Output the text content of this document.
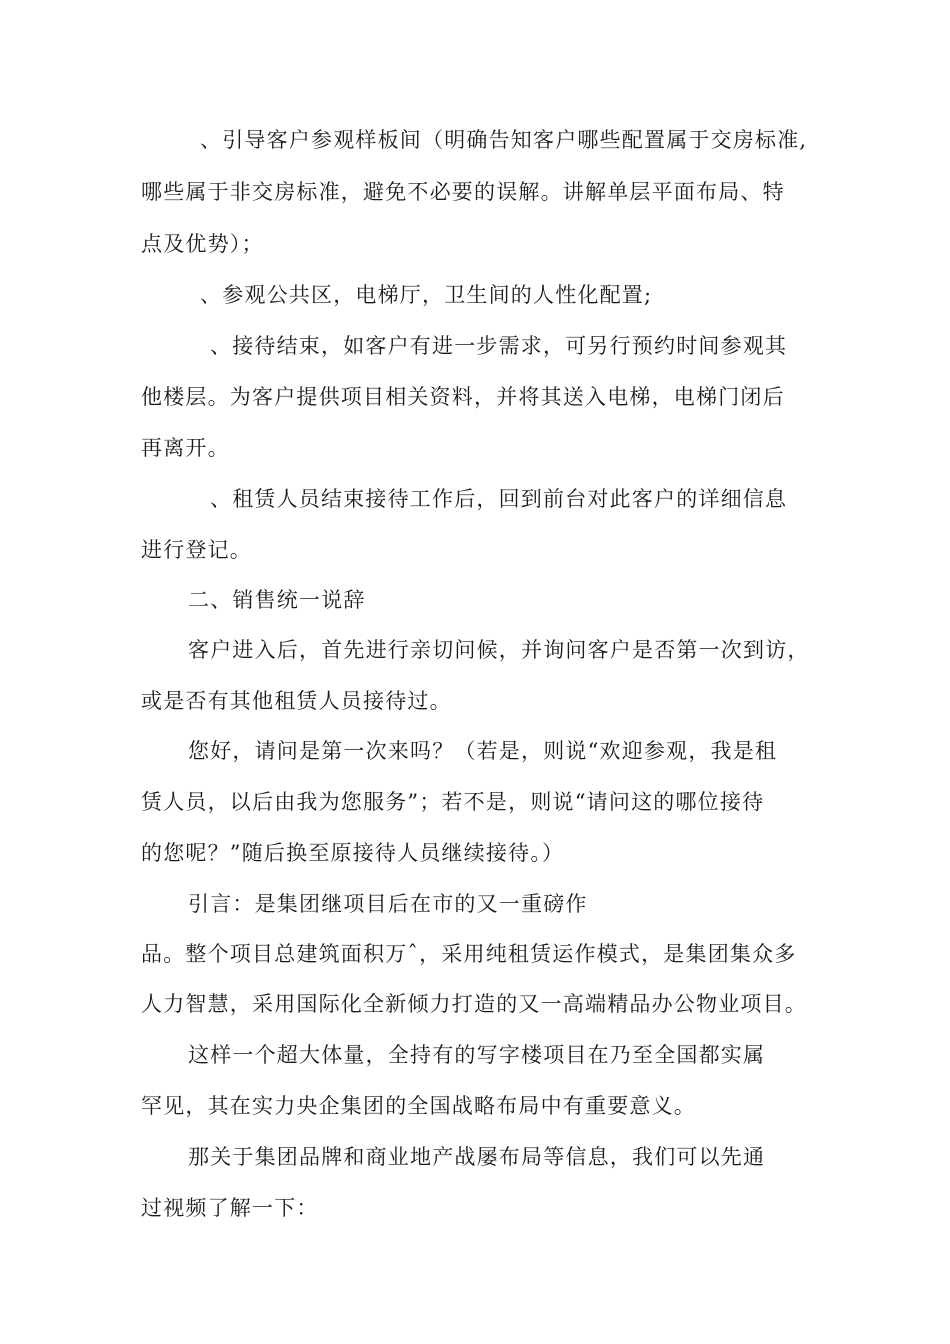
、引导客户参观样板间（明确告知客户哪些配置属于交房标准,
哪些属于非交房标准，避免不必要的误解。讲解单层平面布局、特
点及优势）；
、参观公共区，电梯厅，卫生间的人性化配置;
、接待结束，如客户有进一步需求，可另行预约时间参观其
他楼层。为客户提供项目相关资料，并将其送入电梯，电梯门闭后
再离开。
、租赁人员结束接待工作后，回到前台对此客户的详细信息
进行登记。
二、销售统一说辞
客户进入后，首先进行亲切问候，并询问客户是否第一次到访，
或是否有其他租赁人员接待过。
您好，请问是第一次来吗？（若是，则说“欢迎参观，我是租
赁人员，以后由我为您服务”；若不是，则说“请问这的哪位接待
的您呢？”随后换至原接待人员继续接待。）
引言：是集团继项目后在市的又一重磅作
品。整个项目总建筑面积万ˆ，采用纯租赁运作模式，是集团集众多
人力智慧，采用国际化全新倾力打造的又一高端精品办公物业项目。
这样一个超大体量，全持有的写字楼项目在乃至全国都实属
罕见，其在实力央企集团的全国战略布局中有重要意义。
那关于集团品牌和商业地产战屡布局等信息，我们可以先通
过视频了解一下：
